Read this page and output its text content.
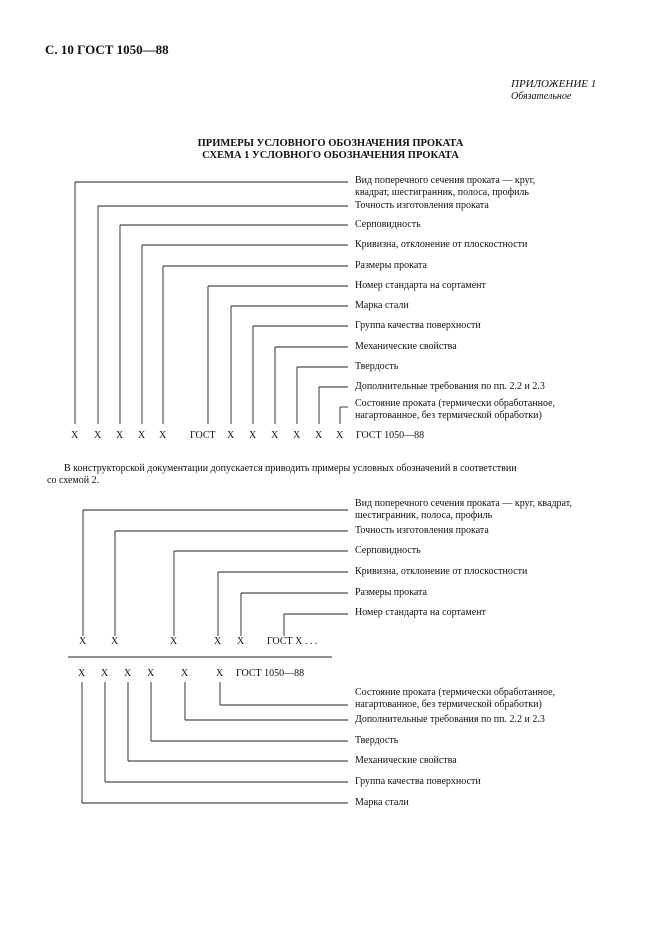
С. 10 ГОСТ 1050—88
ПРИЛОЖЕНИЕ 1
Обязательное
ПРИМЕРЫ УСЛОВНОГО ОБОЗНАЧЕНИЯ ПРОКАТА
СХЕМА 1 УСЛОВНОГО ОБОЗНАЧЕНИЯ ПРОКАТА
Вид поперечного сечения проката — круг,
квадрат, шестигранник, полоса, профиль
Точность изготовления проката
Серповидность
Кривизна, отклонение от плоскостности
Размеры проката
Номер стандарта на сортамент
Марка стали
Группа качества поверхности
Механические свойства
Твердость
Дополнительные требования по пп. 2.2 и 2.3
Состояние проката (термически обработанное,
нагартованное, без термической обработки)
X X X X X ГОСТ X X X X X X ГОСТ 1050—88
В конструкторской документации допускается приводить примеры условных обозначений в соответствии
со схемой 2.
Вид поперечного сечения проката — круг, квадрат,
шестигранник, полоса, профиль
Точность изготовления проката
Серповидность
Кривизна, отклонение от плоскостности
Размеры проката
Номер стандарта на сортамент
X X	X	X X ГОСТ X . . .
X X X X	X	X ГОСТ 1050—88
Состояние проката (термически обработанное,
нагартованное, без термической обработки)
Дополнительные требования по пп. 2.2 и 2.3
Твердость
Механические свойства
Группа качества поверхности
Марка стали
